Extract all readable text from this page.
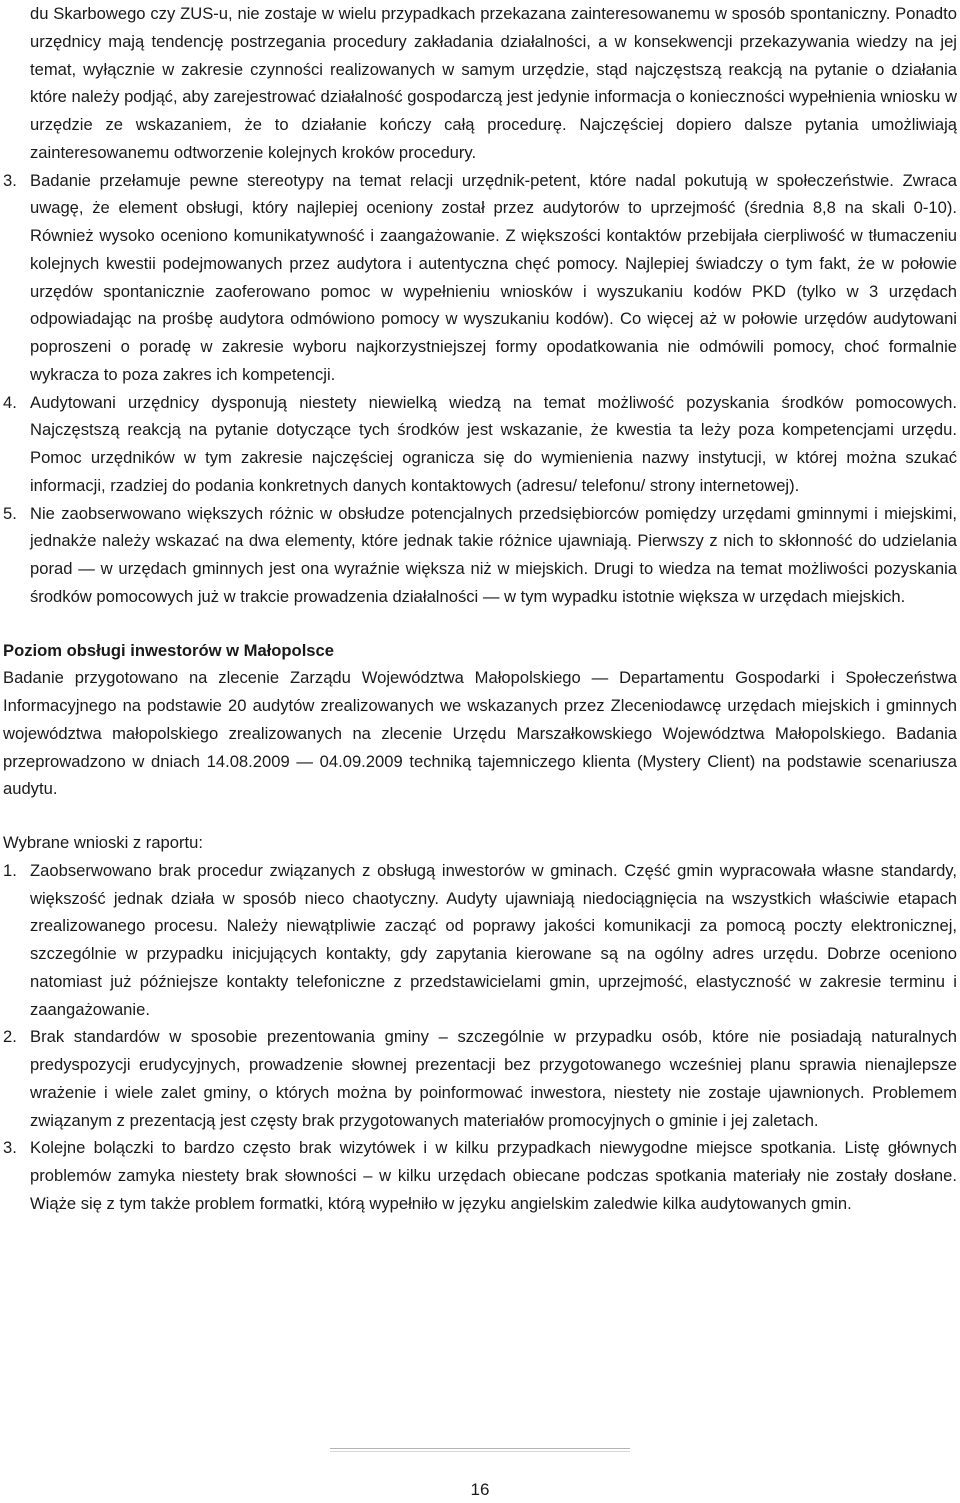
du Skarbowego czy ZUS-u, nie zostaje w wielu przypadkach przekazana zainteresowanemu w sposób spontaniczny. Ponadto urzędnicy mają tendencję postrzegania procedury zakładania działalności, a w konsekwencji przekazywania wiedzy na jej temat, wyłącznie w zakresie czynności realizowanych w samym urzędzie, stąd najczęstszą reakcją na pytanie o działania które należy podjąć, aby zarejestrować działalność gospodarczą jest jedynie informacja o konieczności wypełnienia wniosku w urzędzie ze wskazaniem, że to działanie kończy całą procedurę. Najczęściej dopiero dalsze pytania umożliwiają zainteresowanemu odtworzenie kolejnych kroków procedury.

3. Badanie przełamuje pewne stereotypy na temat relacji urzędnik-petent, które nadal pokutują w społeczeństwie. Zwraca uwagę, że element obsługi, który najlepiej oceniony został przez audytorów to uprzejmość (średnia 8,8 na skali 0-10). Również wysoko oceniono komunikatywność i zaangażowanie. Z większości kontaktów przebijała cierpliwość w tłumaczeniu kolejnych kwestii podejmowanych przez audytora i autentyczna chęć pomocy. Najlepiej świadczy o tym fakt, że w połowie urzędów spontanicznie zaoferowano pomoc w wypełnieniu wniosków i wyszukaniu kodów PKD (tylko w 3 urzędach odpowiadając na prośbę audytora odmówiono pomocy w wyszukaniu kodów). Co więcej aż w połowie urzędów audytowani poproszeni o poradę w zakresie wyboru najkorzystniejszej formy opodatkowania nie odmówili pomocy, choć formalnie wykracza to poza zakres ich kompetencji.
4. Audytowani urzędnicy dysponują niestety niewielką wiedzą na temat możliwość pozyskania środków pomocowych. Najczęstszą reakcją na pytanie dotyczące tych środków jest wskazanie, że kwestia ta leży poza kompetencjami urzędu. Pomoc urzędników w tym zakresie najczęściej ogranicza się do wymienienia nazwy instytucji, w której można szukać informacji, rzadziej do podania konkretnych danych kontaktowych (adresu/ telefonu/ strony internetowej).
5. Nie zaobserwowano większych różnic w obsłudze potencjalnych przedsiębiorców pomiędzy urzędami gminnymi i miejskimi, jednakże należy wskazać na dwa elementy, które jednak takie różnice ujawniają. Pierwszy z nich to skłonność do udzielania porad — w urzędach gminnych jest ona wyraźnie większa niż w miejskich. Drugi to wiedza na temat możliwości pozyskania środków pomocowych już w trakcie prowadzenia działalności — w tym wypadku istotnie większa w urzędach miejskich.

Poziom obsługi inwestorów w Małopolsce

Badanie przygotowano na zlecenie Zarządu Województwa Małopolskiego — Departamentu Gospodarki i Społeczeństwa Informacyjnego na podstawie 20 audytów zrealizowanych we wskazanych przez Zleceniodawcę urzędach miejskich i gminnych województwa małopolskiego zrealizowanych na zlecenie Urzędu Marszałkowskiego Województwa Małopolskiego. Badania przeprowadzono w dniach 14.08.2009 — 04.09.2009 techniką tajemniczego klienta (Mystery Client) na podstawie scenariusza audytu.

Wybrane wnioski z raportu:

1. Zaobserwowano brak procedur związanych z obsługą inwestorów w gminach. Część gmin wypracowała własne standardy, większość jednak działa w sposób nieco chaotyczny. Audyty ujawniają niedociągnięcia na wszystkich właściwie etapach zrealizowanego procesu. Należy niewątpliwie zacząć od poprawy jakości komunikacji za pomocą poczty elektronicznej, szczególnie w przypadku inicjujących kontakty, gdy zapytania kierowane są na ogólny adres urzędu. Dobrze oceniono natomiast już późniejsze kontakty telefoniczne z przedstawicielami gmin, uprzejmość, elastyczność w zakresie terminu i zaangażowanie.
2. Brak standardów w sposobie prezentowania gminy – szczególnie w przypadku osób, które nie posiadają naturalnych predyspozycji erudycyjnych, prowadzenie słownej prezentacji bez przygotowanego wcześniej planu sprawia nienajlepsze wrażenie i wiele zalet gminy, o których można by poinformować inwestora, niestety nie zostaje ujawnionych. Problemem związanym z prezentacją jest częsty brak przygotowanych materiałów promocyjnych o gminie i jej zaletach.
3. Kolejne bolączki to bardzo często brak wizytówek i w kilku przypadkach niewygodne miejsce spotkania. Listę głównych problemów zamyka niestety brak słowności – w kilku urzędach obiecane podczas spotkania materiały nie zostały dosłane. Wiąże się z tym także problem formatki, którą wypełniło w języku angielskim zaledwie kilka audytowanych gmin.
16
